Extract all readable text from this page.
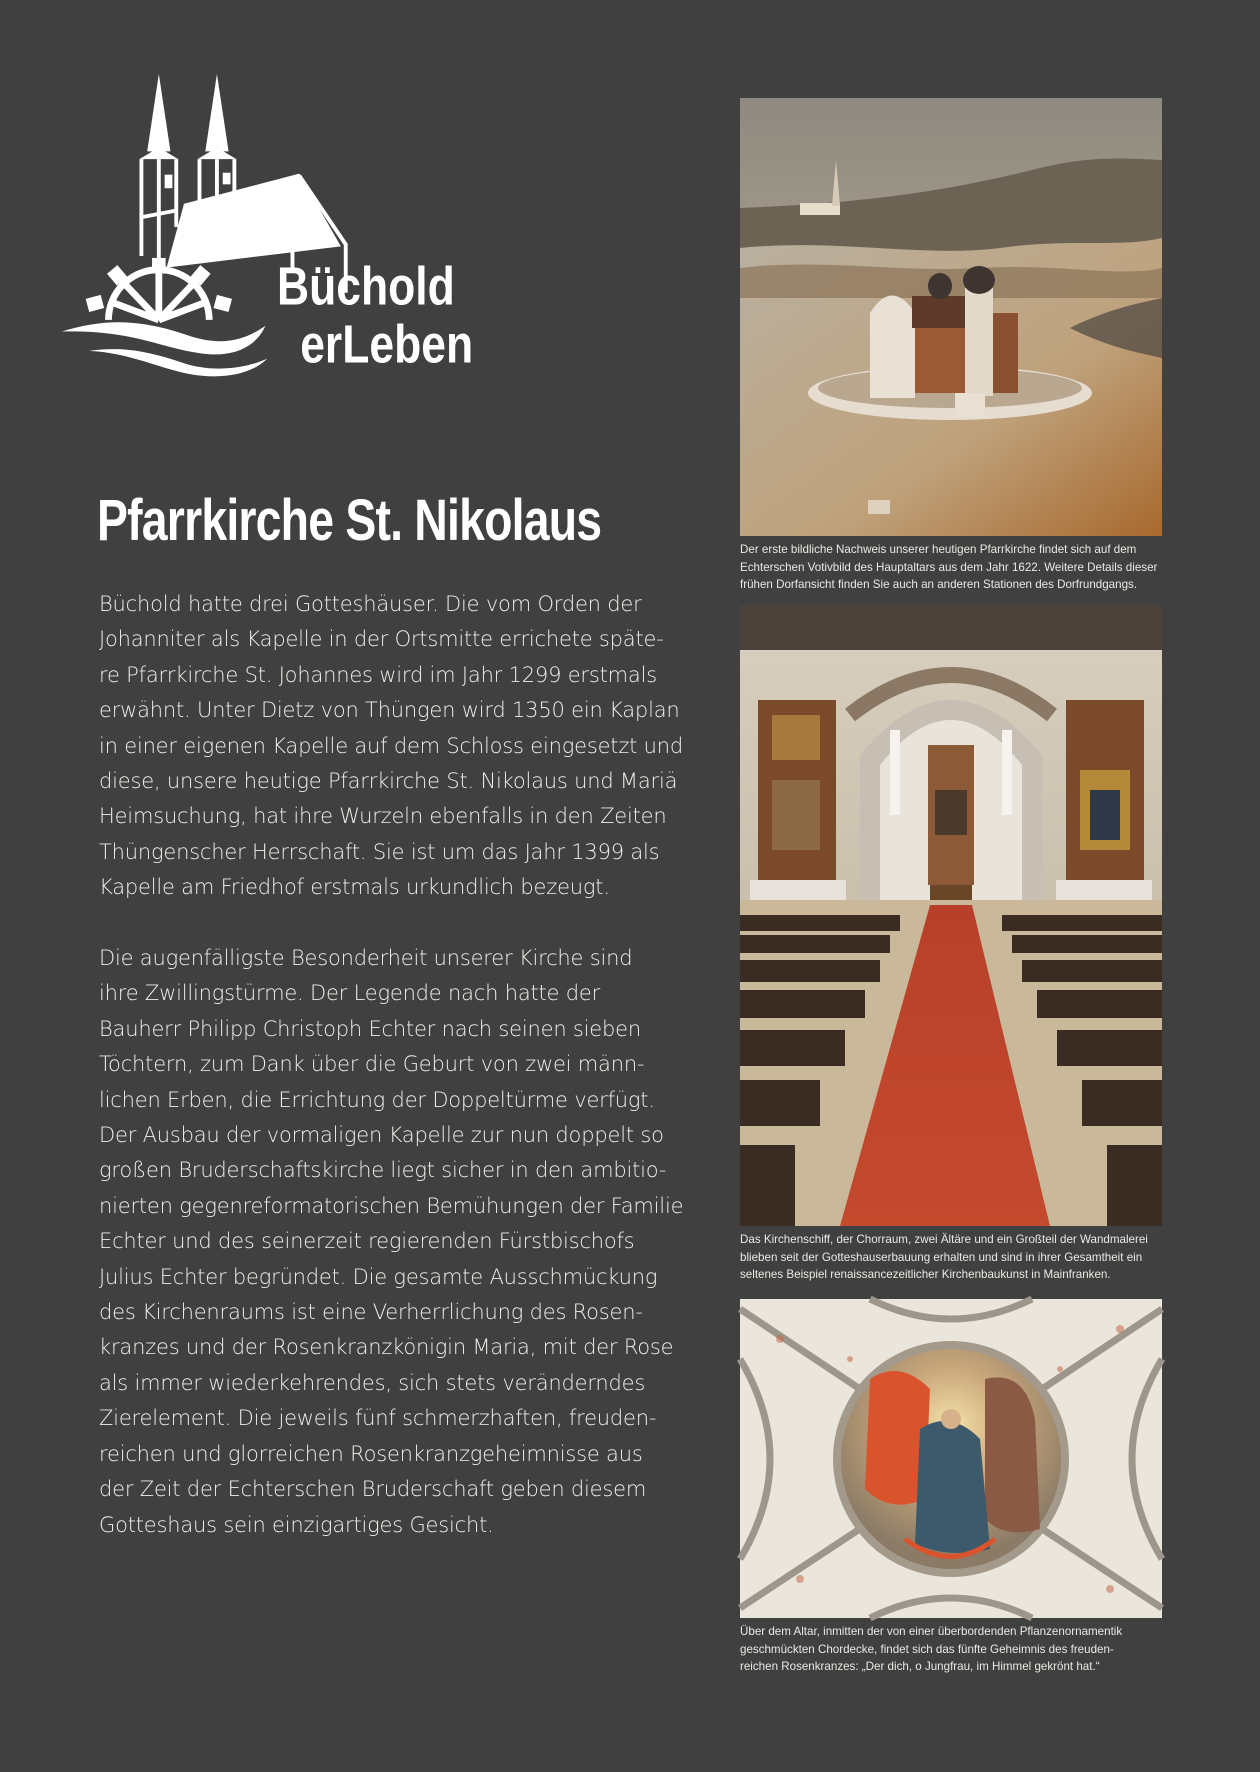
Büchold
erLeben
Pfarrkirche St. Nikolaus

Büchold hatte drei Gotteshäuser. Die vom Orden der
Johanniter als Kapelle in der Ortsmitte errichete späte-
re Pfarrkirche St. Johannes wird im Jahr 1299 erstmals
erwähnt. Unter Dietz von Thüngen wird 1350 ein Kaplan
in einer eigenen Kapelle auf dem Schloss eingesetzt und
diese, unsere heutige Pfarrkirche St. Nikolaus und Mariä
Heimsuchung, hat ihre Wurzeln ebenfalls in den Zeiten
Thüngenscher Herrschaft. Sie ist um das Jahr 1399 als
Kapelle am Friedhof erstmals urkundlich bezeugt.

Die augenfälligste Besonderheit unserer Kirche sind
ihre Zwillingstürme. Der Legende nach hatte der
Bauherr Philipp Christoph Echter nach seinen sieben
Töchtern, zum Dank über die Geburt von zwei männ-
lichen Erben, die Errichtung der Doppeltürme verfügt.
Der Ausbau der vormaligen Kapelle zur nun doppelt so
großen Bruderschaftskirche liegt sicher in den ambitio-
nierten gegenreformatorischen Bemühungen der Familie
Echter und des seinerzeit regierenden Fürstbischofs
Julius Echter begründet. Die gesamte Ausschmückung
des Kirchenraums ist eine Verherrlichung des Rosen-
kranzes und der Rosenkranzkönigin Maria, mit der Rose
als immer wiederkehrendes, sich stets veränderndes
Zierelement. Die jeweils fünf schmerzhaften, freuden-
reichen und glorreichen Rosenkranzgeheimnisse aus
der Zeit der Echterschen Bruderschaft geben diesem
Gotteshaus sein einzigartiges Gesicht.

Der erste bildliche Nachweis unserer heutigen Pfarrkirche findet sich auf dem
Echterschen Votivbild des Hauptaltars aus dem Jahr 1622. Weitere Details dieser
frühen Dorfansicht finden Sie auch an anderen Stationen des Dorfrundgangs.
Das Kirchenschiff, der Chorraum, zwei Ältäre und ein Großteil der Wandmalerei
blieben seit der Gotteshauserbauung erhalten und sind in ihrer Gesamtheit ein
seltenes Beispiel renaissancezeitlicher Kirchenbaukunst in Mainfranken.
Über dem Altar, inmitten der von einer überbordenden Pflanzenornamentik
geschmückten Chordecke, findet sich das fünfte Geheimnis des freuden-
reichen Rosenkranzes: „Der dich, o Jungfrau, im Himmel gekrönt hat.“
